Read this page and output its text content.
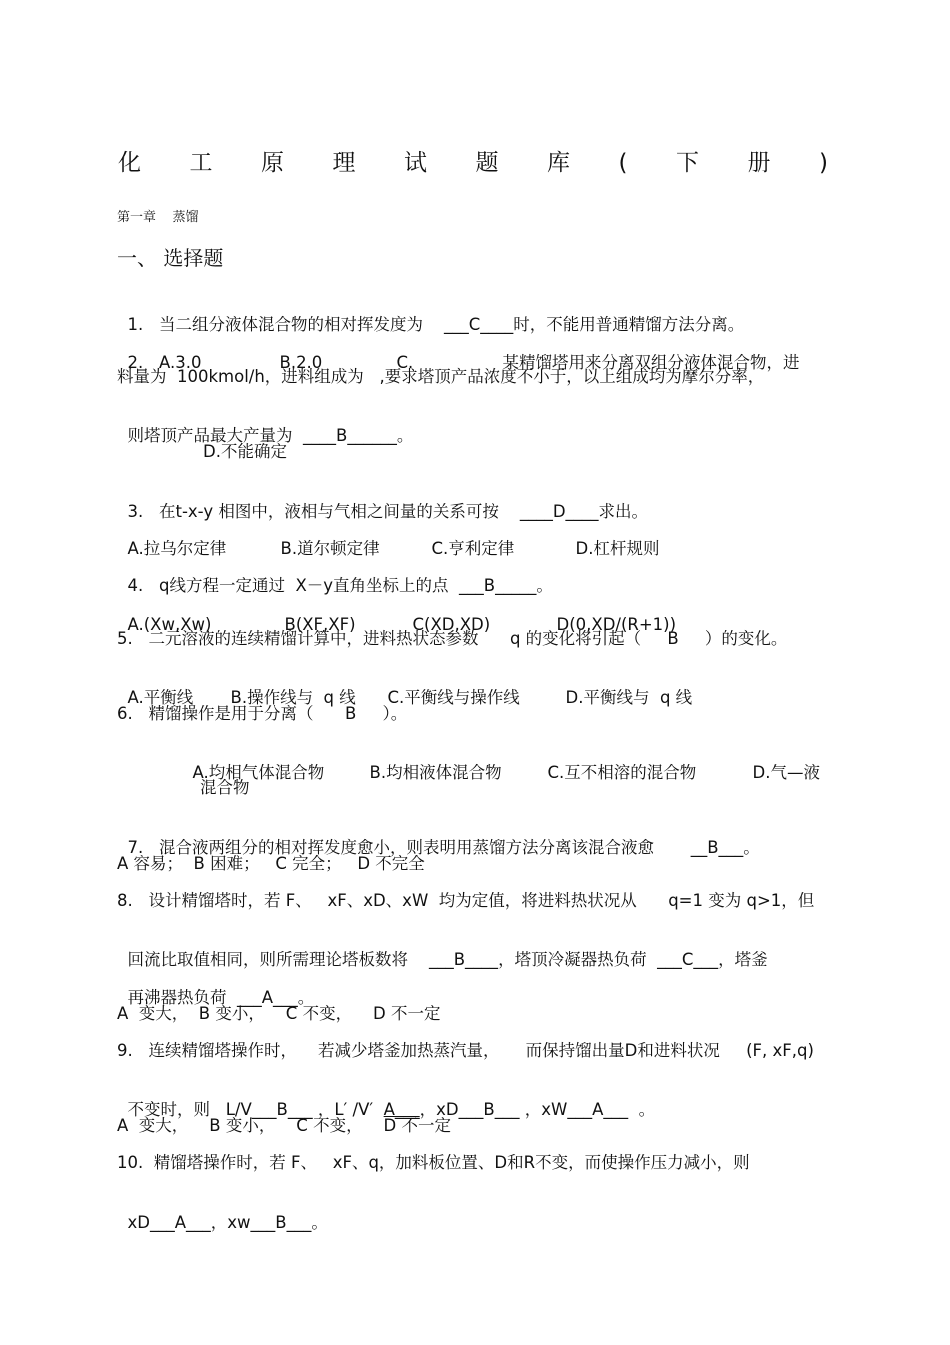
化 工 原 理 试 题 库 ( 下 册 )
第一章    蒸馏
一、 选择题

1.   当二组分液体混合物的相对挥发度为    ___C____时，不能用普通精馏方法分离。

2.   A.3.0	B.2.0	C.	某精馏塔用来分离双组分液体混合物，进

料量为  100kmol/h，进料组成为   ,要求塔顶产品浓度不小于，以上组成均为摩尔分率，

则塔顶产品最大产量为  ____B______。

D.不能确定

3.   在t-x-y 相图中，液相与气相之间量的关系可按    ____D____求出。

A.拉乌尔定律	B.道尔顿定律	C.亨利定律	D.杠杆规则

4.   q线方程一定通过  X－y直角坐标上的点  ___B_____。

A.(Xw,Xw)	B(XF,XF)	C(XD,XD)	D(0,XD/(R+1))

5.   二元溶液的连续精馏计算中，进料热状态参数      q 的变化将引起（     B     ）的变化。

A.平衡线 B.操作线与  q 线 C.平衡线与操作线	D.平衡线与  q 线

6.   精馏操作是用于分离（      B     ）。

A.均相气体混合物	B.均相液体混合物	C.互不相溶的混合物	D.气—液

混合物

7.   混合液两组分的相对挥发度愈小，则表明用蒸馏方法分离该混合液愈       __B___。

A 容易；  B 困难；   C 完全；   D 不完全
8.   设计精馏塔时，若 F、   xF、xD、xW  均为定值，将进料热状况从      q=1 变为 q>1，但

回流比取值相同，则所需理论塔板数将    ___B____，塔顶冷凝器热负荷  ___C___，塔釜

再沸器热负荷  ___A___。

A  变大，  B 变小，    C 不变，    D 不一定
9.   连续精馏塔操作时，    若减少塔釜加热蒸汽量，     而保持馏出量D和进料状况     (F, xF,q)

不变时，则   L/V___B___ ，L′ /V′  A___，xD___B___ ，xW___A___  。

A  变大，    B 变小，    C 不变，    D 不一定
10.  精馏塔操作时，若 F、   xF、q，加料板位置、D和R不变，而使操作压力减小，则

xD___A___，xw___B___。
